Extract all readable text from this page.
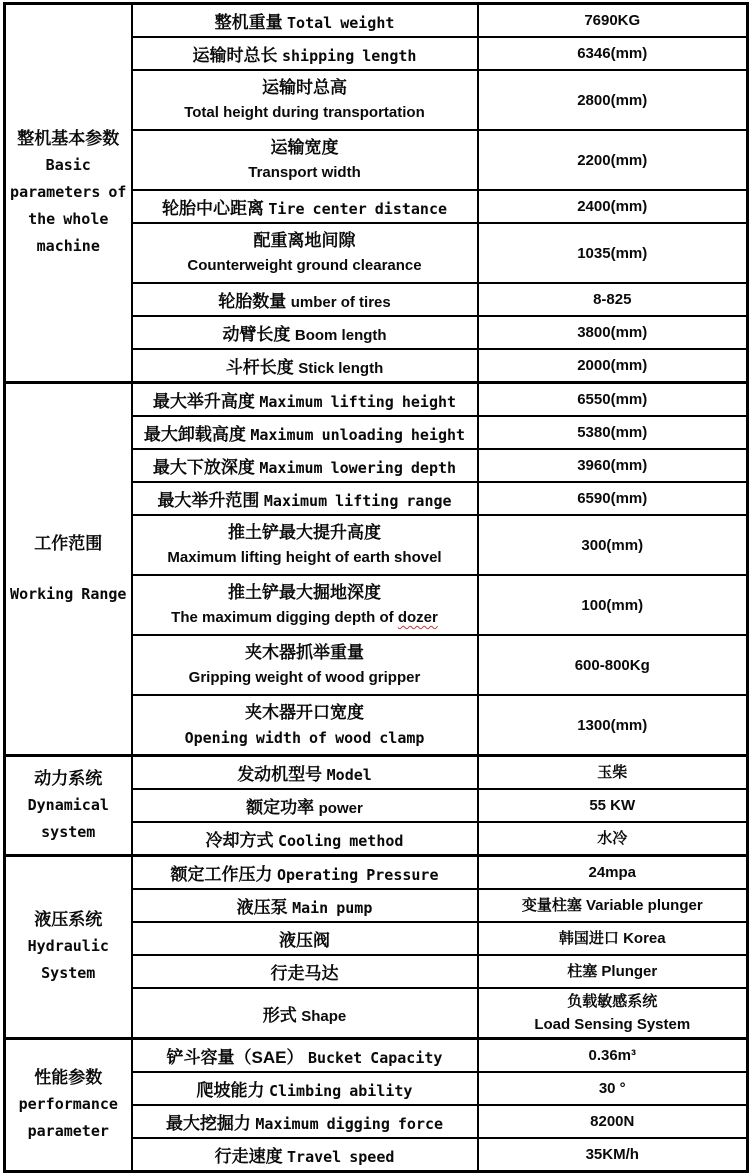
整机基本参数
Basic parameters of the whole machine	整机重量 Total weight	7690KG

	运输时总长 shipping length	6346(mm)

	运输时总高
Total height during transportation	2800(mm)

	运输宽度
Transport width	2200(mm)

	轮胎中心距离 Tire center distance	2400(mm)

	配重离地间隙
Counterweight ground clearance	1035(mm)

	轮胎数量 umber of tires	8-825

	动臂长度 Boom length	3800(mm)

	斗杆长度 Stick length	2000(mm)

工作范围
Working Range	最大举升高度 Maximum lifting height	6550(mm)

	最大卸载高度 Maximum unloading height	5380(mm)

	最大下放深度 Maximum lowering depth	3960(mm)

	最大举升范围 Maximum lifting range	6590(mm)

	推土铲最大提升高度
Maximum lifting height of earth shovel	300(mm)

	推土铲最大掘地深度
The maximum digging depth of dozer	100(mm)

	夹木器抓举重量
Gripping weight of wood gripper	600-800Kg

	夹木器开口宽度
Opening width of wood clamp	1300(mm)

动力系统
Dynamical system	发动机型号 Model	玉柴

	额定功率 power	55 KW

	冷却方式 Cooling method	水冷

液压系统
Hydraulic System	额定工作压力 Operating Pressure	24mpa

	液压泵 Main pump	变量柱塞 Variable plunger

	液压阀	韩国进口 Korea

	行走马达	柱塞 Plunger

	形式 Shape	负载敏感系统
Load Sensing System

性能参数
performance parameter	铲斗容量（SAE） Bucket Capacity	0.36m³

	爬坡能力 Climbing ability	30 °

	最大挖掘力 Maximum digging force	8200N

	行走速度 Travel speed	35KM/h
